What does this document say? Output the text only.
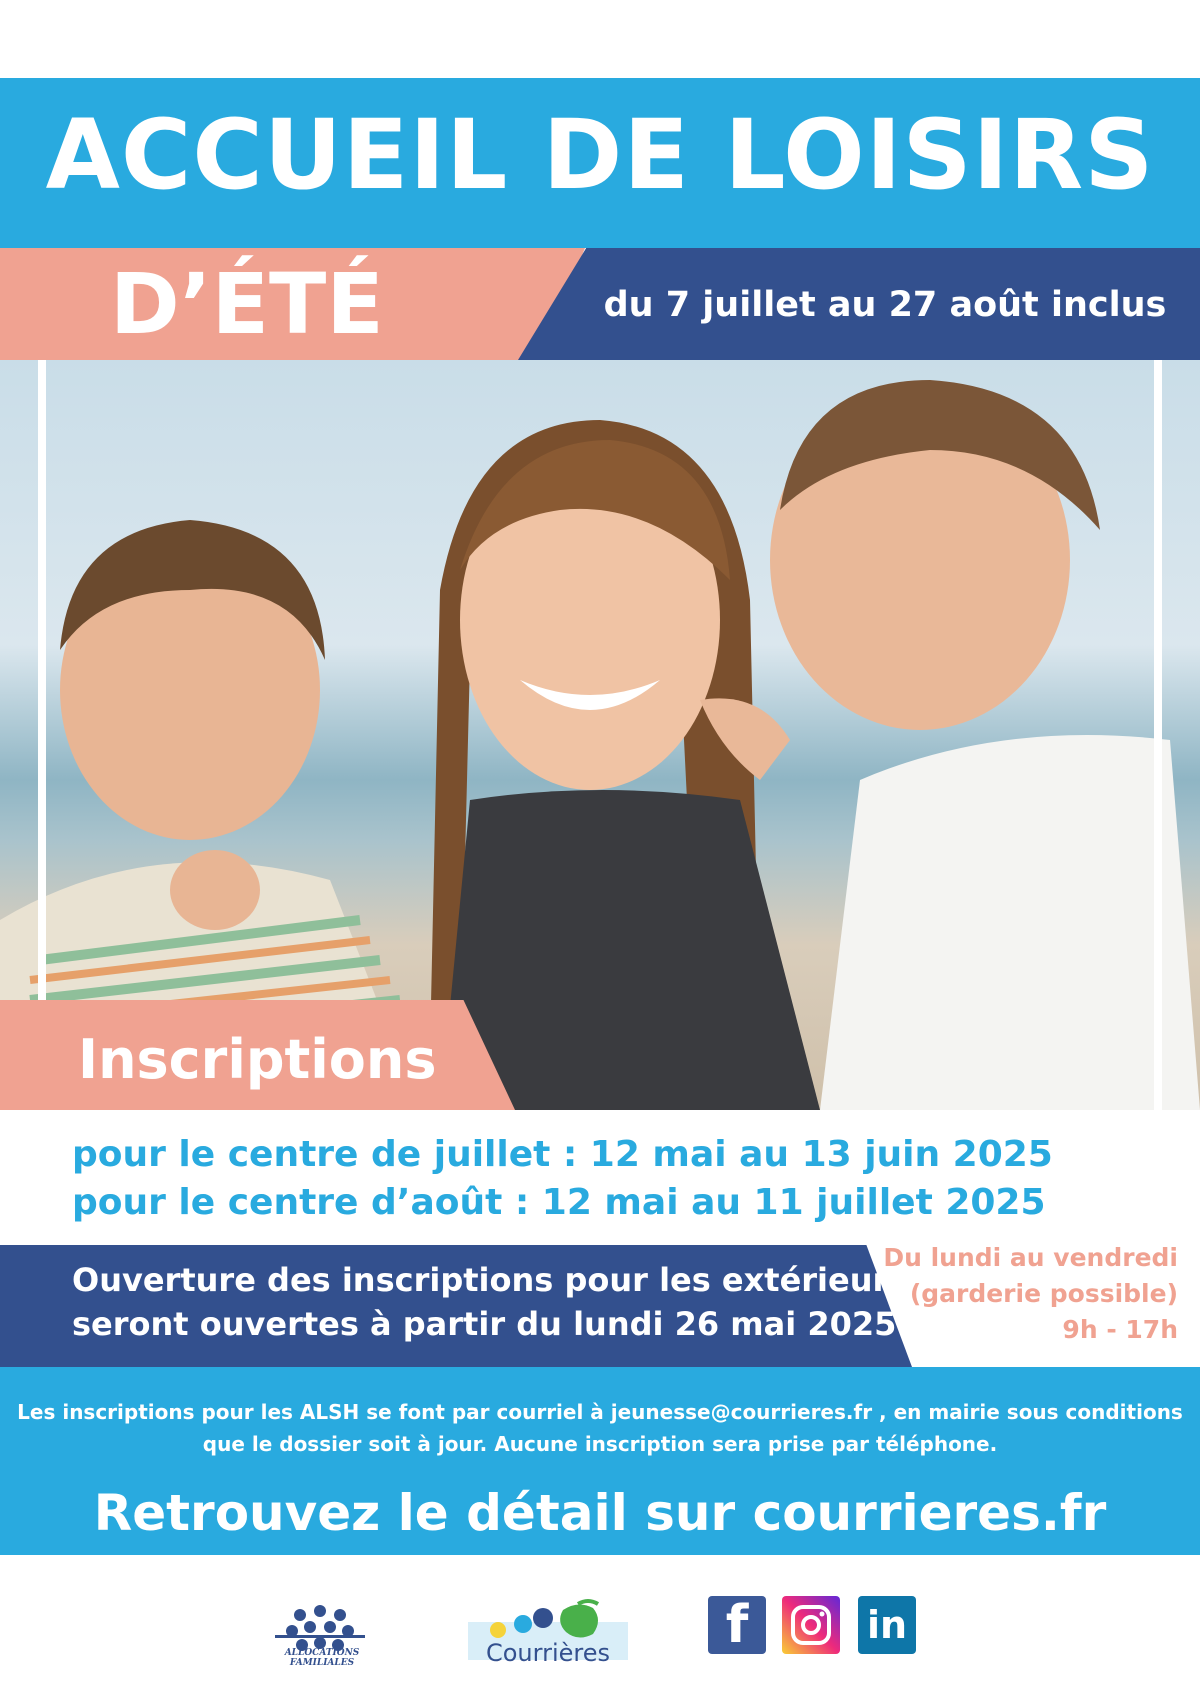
ACCUEIL DE LOISIRS
D’ÉTÉ	du 7 juillet au 27 août inclus
Inscriptions
pour le centre de juillet : 12 mai au 13 juin 2025
pour le centre d’août : 12 mai au 11 juillet 2025
Ouverture des inscriptions pour les extérieurs
seront ouvertes à partir du lundi 26 mai 2025
Du lundi au vendredi
(garderie possible)
9h - 17h
Les inscriptions pour les ALSH se font par courriel à jeunesse@courrieres.fr , en mairie sous conditions
que le dossier soit à jour. Aucune inscription sera prise par téléphone.
Retrouvez le détail sur courrieres.fr
ALLOCATIONS
FAMILIALES	Courrières	f	in
